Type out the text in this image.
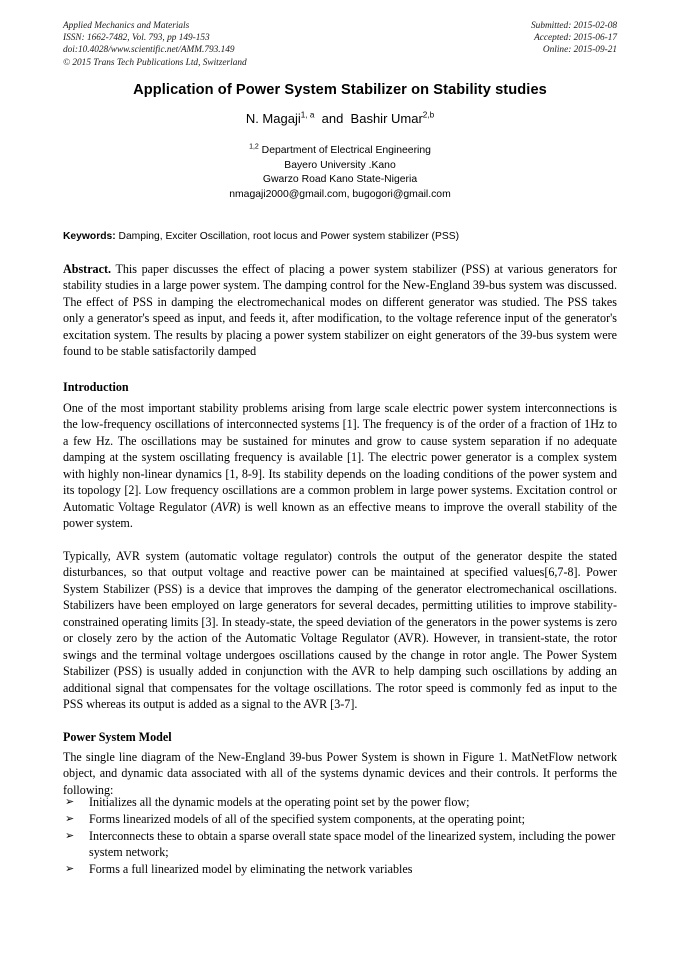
Applied Mechanics and Materials
ISSN: 1662-7482, Vol. 793, pp 149-153
doi:10.4028/www.scientific.net/AMM.793.149
© 2015 Trans Tech Publications Ltd, Switzerland
Submitted: 2015-02-08
Accepted: 2015-06-17
Online: 2015-09-21
Application of Power System Stabilizer on Stability studies
N. Magaji$^{1, a}$  and  Bashir Umar$^{2,b}$
$^{1,2}$ Department of Electrical Engineering
Bayero University .Kano
Gwarzo Road Kano State-Nigeria
nmagaji2000@gmail.com, bugogori@gmail.com
Keywords: Damping, Exciter Oscillation, root locus and Power system stabilizer (PSS)
Abstract. This paper discusses the effect of placing a power system stabilizer (PSS) at various generators for stability studies in a large power system. The damping control for the New-England 39-bus system was discussed. The effect of PSS in damping the electromechanical modes on different generator was studied. The PSS takes only a generator's speed as input, and feeds it, after modification, to the voltage reference input of the generator's excitation system. The results by placing a power system stabilizer on eight generators of the 39-bus system were found to be stable satisfactorily damped
Introduction
One of the most important stability problems arising from large scale electric power system interconnections is the low-frequency oscillations of interconnected systems [1]. The frequency is of the order of a fraction of 1Hz to a few Hz. The oscillations may be sustained for minutes and grow to cause system separation if no adequate damping at the system oscillating frequency is available [1]. The electric power generator is a complex system with highly non-linear dynamics [1, 8-9]. Its stability depends on the loading conditions of the power system and its topology [2]. Low frequency oscillations are a common problem in large power systems. Excitation control or Automatic Voltage Regulator (AVR) is well known as an effective means to improve the overall stability of the power system.
Typically, AVR system (automatic voltage regulator) controls the output of the generator despite the stated disturbances, so that output voltage and reactive power can be maintained at specified values[6,7-8]. Power System Stabilizer (PSS) is a device that improves the damping of the generator electromechanical oscillations. Stabilizers have been employed on large generators for several decades, permitting utilities to improve stability-constrained operating limits [3]. In steady-state, the speed deviation of the generators in the power systems is zero or closely zero by the action of the Automatic Voltage Regulator (AVR). However, in transient-state, the rotor swings and the terminal voltage undergoes oscillations caused by the change in rotor angle. The Power System Stabilizer (PSS) is usually added in conjunction with the AVR to help damping such oscillations by adding an additional signal that compensates for the voltage oscillations. The rotor speed is commonly fed as input to the PSS whereas its output is added as a signal to the AVR [3-7].
Power System Model
The single line diagram of the New-England 39-bus Power System is shown in Figure 1. MatNetFlow network object, and dynamic data associated with all of the systems dynamic devices and their controls. It performs the following:
➢ Initializes all the dynamic models at the operating point set by the power flow;
➢ Forms linearized models of all of the specified system components, at the operating point;
➢ Interconnects these to obtain a sparse overall state space model of the linearized system, including the power system network;
➢ Forms a full linearized model by eliminating the network variables
